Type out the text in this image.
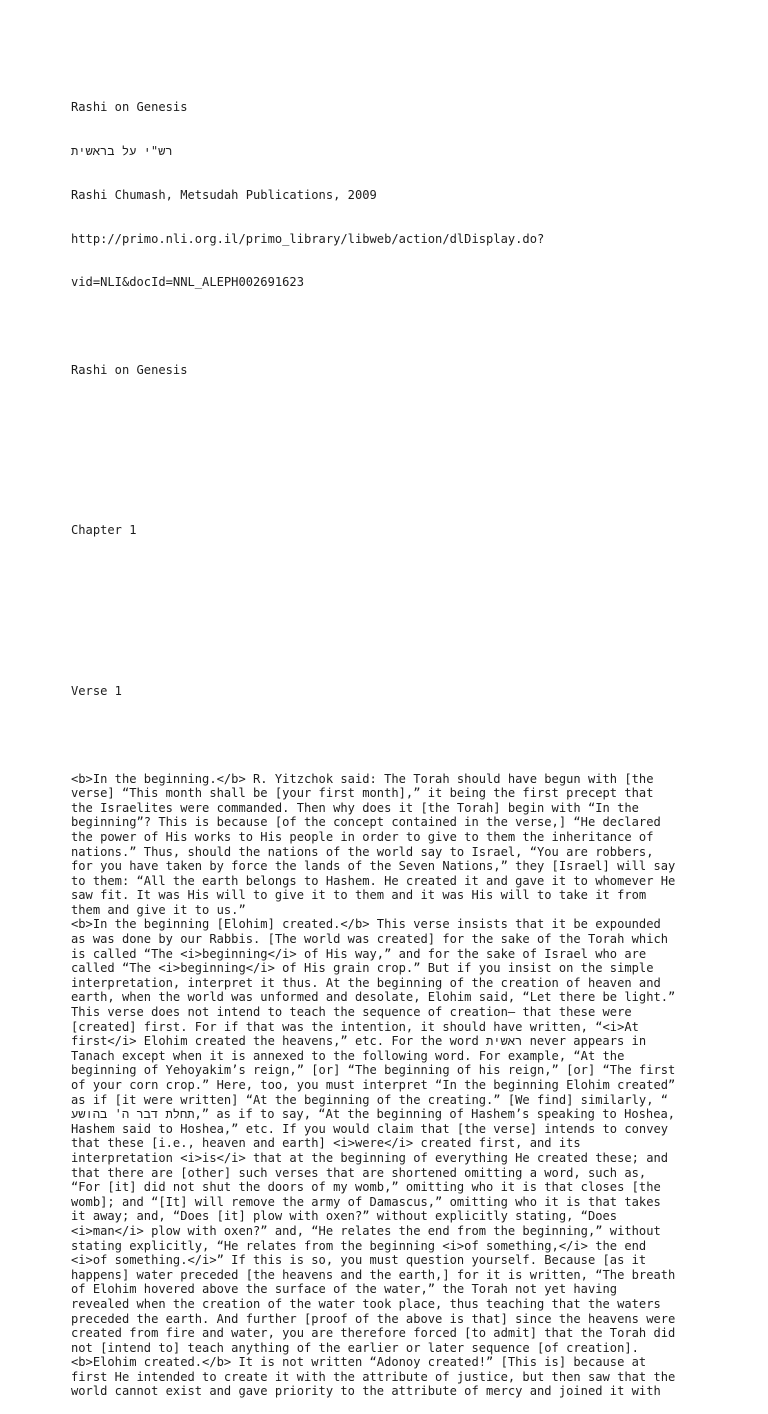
Rashi on Genesis

רש"י על בראשית

Rashi Chumash, Metsudah Publications, 2009

http://primo.nli.org.il/primo_library/libweb/action/dlDisplay.do?

vid=NLI&docId=NNL_ALEPH002691623

Rashi on Genesis

Chapter 1

Verse 1

<b>In the beginning.</b> R. Yitzchok said: The Torah should have begun with [the
verse] “This month shall be [your first month],” it being the first precept that
the Israelites were commanded. Then why does it [the Torah] begin with “In the
beginning”? This is because [of the concept contained in the verse,] “He declared
the power of His works to His people in order to give to them the inheritance of
nations.” Thus, should the nations of the world say to Israel, “You are robbers,
for you have taken by force the lands of the Seven Nations,” they [Israel] will say
to them: “All the earth belongs to Hashem. He created it and gave it to whomever He
saw fit. It was His will to give it to them and it was His will to take it from
them and give it to us.”
<b>In the beginning [Elohim] created.</b> This verse insists that it be expounded
as was done by our Rabbis. [The world was created] for the sake of the Torah which
is called “The <i>beginning</i> of His way,” and for the sake of Israel who are
called “The <i>beginning</i> of His grain crop.” But if you insist on the simple
interpretation, interpret it thus. At the beginning of the creation of heaven and
earth, when the world was unformed and desolate, Elohim said, “Let there be light.”
This verse does not intend to teach the sequence of creation— that these were
[created] first. For if that was the intention, it should have written, “<i>At
first</i> Elohim created the heavens,” etc. For the word ראשית never appears in
Tanach except when it is annexed to the following word. For example, “At the
beginning of Yehoyakim’s reign,” [or] “The beginning of his reign,” [or] “The first
of your corn crop.” Here, too, you must interpret “In the beginning Elohim created”
as if [it were written] “At the beginning of the creating.” [We find] similarly, “
תחלת דבר ה' בהושע,” as if to say, “At the beginning of Hashem’s speaking to Hoshea,
Hashem said to Hoshea,” etc. If you would claim that [the verse] intends to convey
that these [i.e., heaven and earth] <i>were</i> created first, and its
interpretation <i>is</i> that at the beginning of everything He created these; and
that there are [other] such verses that are shortened omitting a word, such as,
“For [it] did not shut the doors of my womb,” omitting who it is that closes [the
womb]; and “[It] will remove the army of Damascus,” omitting who it is that takes
it away; and, “Does [it] plow with oxen?” without explicitly stating, “Does
<i>man</i> plow with oxen?” and, “He relates the end from the beginning,” without
stating explicitly, “He relates from the beginning <i>of something,</i> the end
<i>of something.</i>” If this is so, you must question yourself. Because [as it
happens] water preceded [the heavens and the earth,] for it is written, “The breath
of Elohim hovered above the surface of the water,” the Torah not yet having
revealed when the creation of the water took place, thus teaching that the waters
preceded the earth. And further [proof of the above is that] since the heavens were
created from fire and water, you are therefore forced [to admit] that the Torah did
not [intend to] teach anything of the earlier or later sequence [of creation].
<b>Elohim created.</b> It is not written “Adonoy created!” [This is] because at
first He intended to create it with the attribute of justice, but then saw that the
world cannot exist and gave priority to the attribute of mercy and joined it with
